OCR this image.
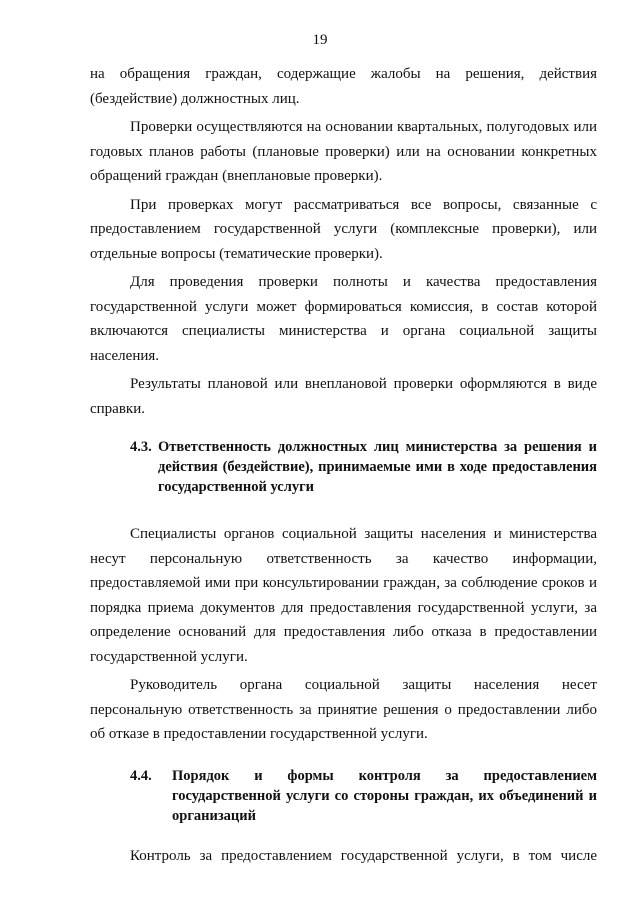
19

на обращения граждан, содержащие жалобы на решения, действия (бездействие) должностных лиц.

Проверки осуществляются на основании квартальных, полугодовых или годовых планов работы (плановые проверки) или на основании конкретных обращений граждан (внеплановые проверки).

При проверках могут рассматриваться все вопросы, связанные с предоставлением государственной услуги (комплексные проверки), или отдельные вопросы (тематические проверки).

Для проведения проверки полноты и качества предоставления государственной услуги может формироваться комиссия, в состав которой включаются специалисты министерства и органа социальной защиты населения.

Результаты плановой или внеплановой проверки оформляются в виде справки.

4.3. Ответственность должностных лиц министерства за решения и действия (бездействие), принимаемые ими в ходе предоставления государственной услуги

Специалисты органов социальной защиты населения и министерства несут персональную ответственность за качество информации, предоставляемой ими при консультировании граждан, за соблюдение сроков и порядка приема документов для предоставления государственной услуги, за определение оснований для предоставления либо отказа в предоставлении государственной услуги.

Руководитель органа социальной защиты населения несет персональную ответственность за принятие решения о предоставлении либо об отказе в предоставлении государственной услуги.

4.4. Порядок и формы контроля за предоставлением государственной услуги со стороны граждан, их объединений и организаций

Контроль за предоставлением государственной услуги, в том числе
